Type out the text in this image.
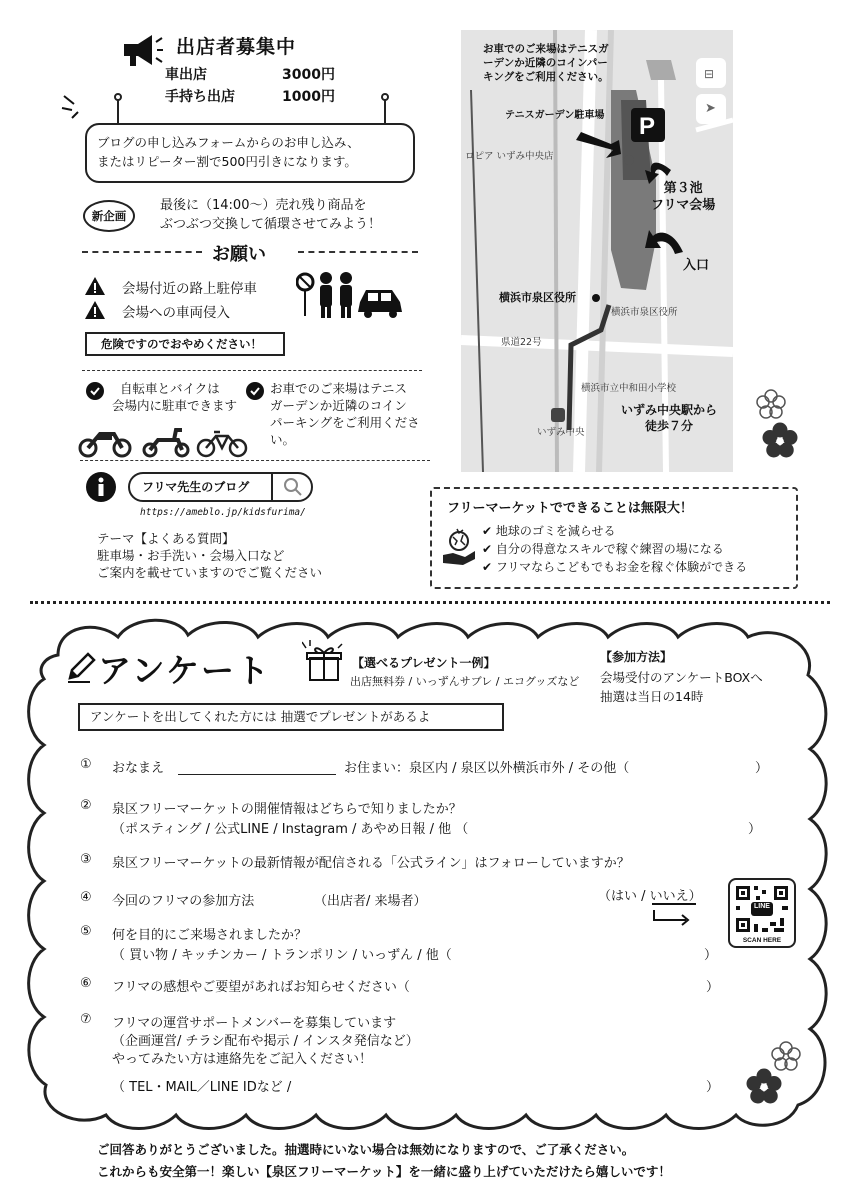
出店者募集中
車出店	3000円
手持ち出店	1000円
ブログの申し込みフォームからのお申し込み、
またはリピーター割で500円引きになります。
新企画
最後に（14:00〜）売れ残り商品を
ぶつぶつ交換して循環させてみよう！
お願い
会場付近の路上駐停車
会場への車両侵入
危険ですのでおやめください！
自転車とバイクは
会場内に駐車できます
お車でのご来場はテニス
ガーデンか近隣のコイン
パーキングをご利用くださ
い。
フリマ先生のブログ
https://ameblo.jp/kidsfurima/
テーマ【よくある質問】
駐車場・お手洗い・会場入口など
ご案内を載せていますのでご覧ください
P
お車でのご来場はテニスガ
ーデンか近隣のコインパー
キングをご利用ください。	⊟
➤
テニスガーデン駐車場
ロピア いずみ中央店
第３池
フリマ会場
入口
横浜市泉区役所
横浜市泉区役所
県道22号
横浜市立中和田小学校
いずみ中央
いずみ中央駅から
徒歩７分
フリーマーケットでできることは無限大！
✔ 地球のゴミを減らせる
✔ 自分の得意なスキルで稼ぐ練習の場になる
✔ フリマならこどもでもお金を稼ぐ体験ができる
アンケート	【選べるプレゼント一例】
出店無料券 / いっずんサブレ / エコグッズなど
【参加方法】
会場受付のアンケートBOXへ
抽選は当日の14時
アンケートを出してくれた方には 抽選でプレゼントがあるよ
① おなまえ	お住まい：泉区内 / 泉区以外横浜市外 / その他（	）
② 泉区フリーマーケットの開催情報はどちらで知りましたか？
（ポスティング / 公式LINE / Instagram / あやめ日報 / 他 （	）
③ 泉区フリーマーケットの最新情報が配信される「公式ライン」はフォローしていますか？
（はい / いいえ）
④ 今回のフリマの参加方法	（出店者/ 来場者）	LINE
SCAN HERE
⑤ 何を目的にご来場されましたか？
（ 買い物 / キッチンカー / トランポリン / いっずん / 他（	）
⑥ フリマの感想やご要望があればお知らせください（	）
⑦ フリマの運営サポートメンバーを募集しています
（企画運営/ チラシ配布や掲示 / インスタ発信など）
やってみたい方は連絡先をご記入ください！
（ TEL・MAIL／LINE IDなど /	）
ご回答ありがとうございました。抽選時にいない場合は無効になりますので、ご了承ください。
これからも安全第一！楽しい【泉区フリーマーケット】を一緒に盛り上げていただけたら嬉しいです！
